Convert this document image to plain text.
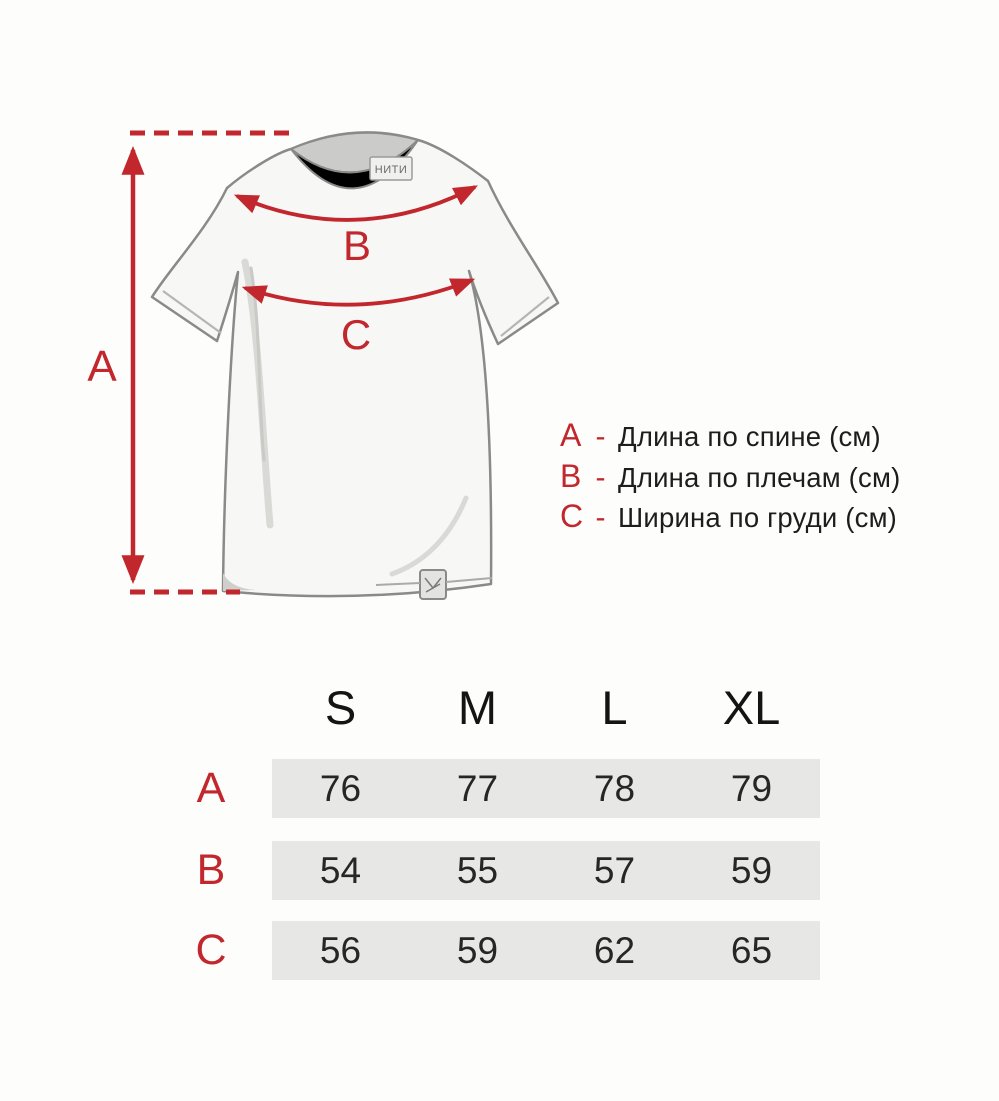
НИТИ
A
B
C
A - Длина по спине (см)
B - Длина по плечам (см)
C - Ширина по груди (см)
S	M	L	XL
A	76	77	78	79
B	54	55	57	59
C	56	59	62	65
